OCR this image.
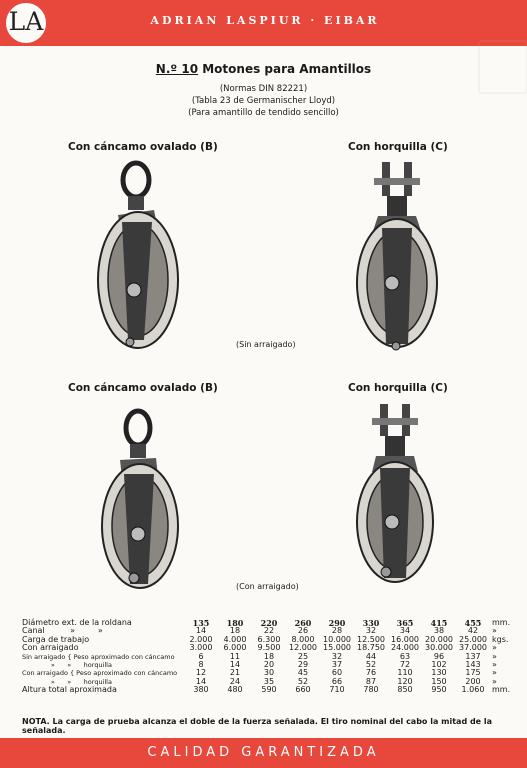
LA	ADRIAN LASPIUR · EIBAR
N.º 10 Motones para Amantillos
(Normas DIN 82221)
(Tabla 23 de Germanischer Lloyd)
(Para amantillo de tendido sencillo)
Con cáncamo ovalado (B)	Con horquilla (C)
(Sin arraigado)
Con cáncamo ovalado (B)	Con horquilla (C)
(Con arraigado)
Diámetro ext. de la roldana	135	180	220	260	290	330	365	415	455	mm.
Canal          »         »	14	18	22	26	28	32	34	38	42	»
Carga de trabajo	2.000	4.000	6.300	8.000	10.000	12.500	16.000	20.000	25.000	kgs.
Con arraigado	3.000	6.000	9.500	12.000	15.000	18.750	24.000	30.000	37.000	»
Sin arraigado { Peso aproximado con cáncamo	6	11	18	25	32	44	63	96	137	»
»      »      horquilla	8	14	20	29	37	52	72	102	143	»
Con arraigado { Peso aproximado con cáncamo	12	21	30	45	60	76	110	130	175	»
»      »      horquilla	14	24	35	52	66	87	120	150	200	»
Altura total aproximada	380	480	590	660	710	780	850	950	1.060	mm.
NOTA. La carga de prueba alcanza el doble de la fuerza señalada. El tiro nominal del cabo la mitad de la señalada.
CALIDAD GARANTIZADA
